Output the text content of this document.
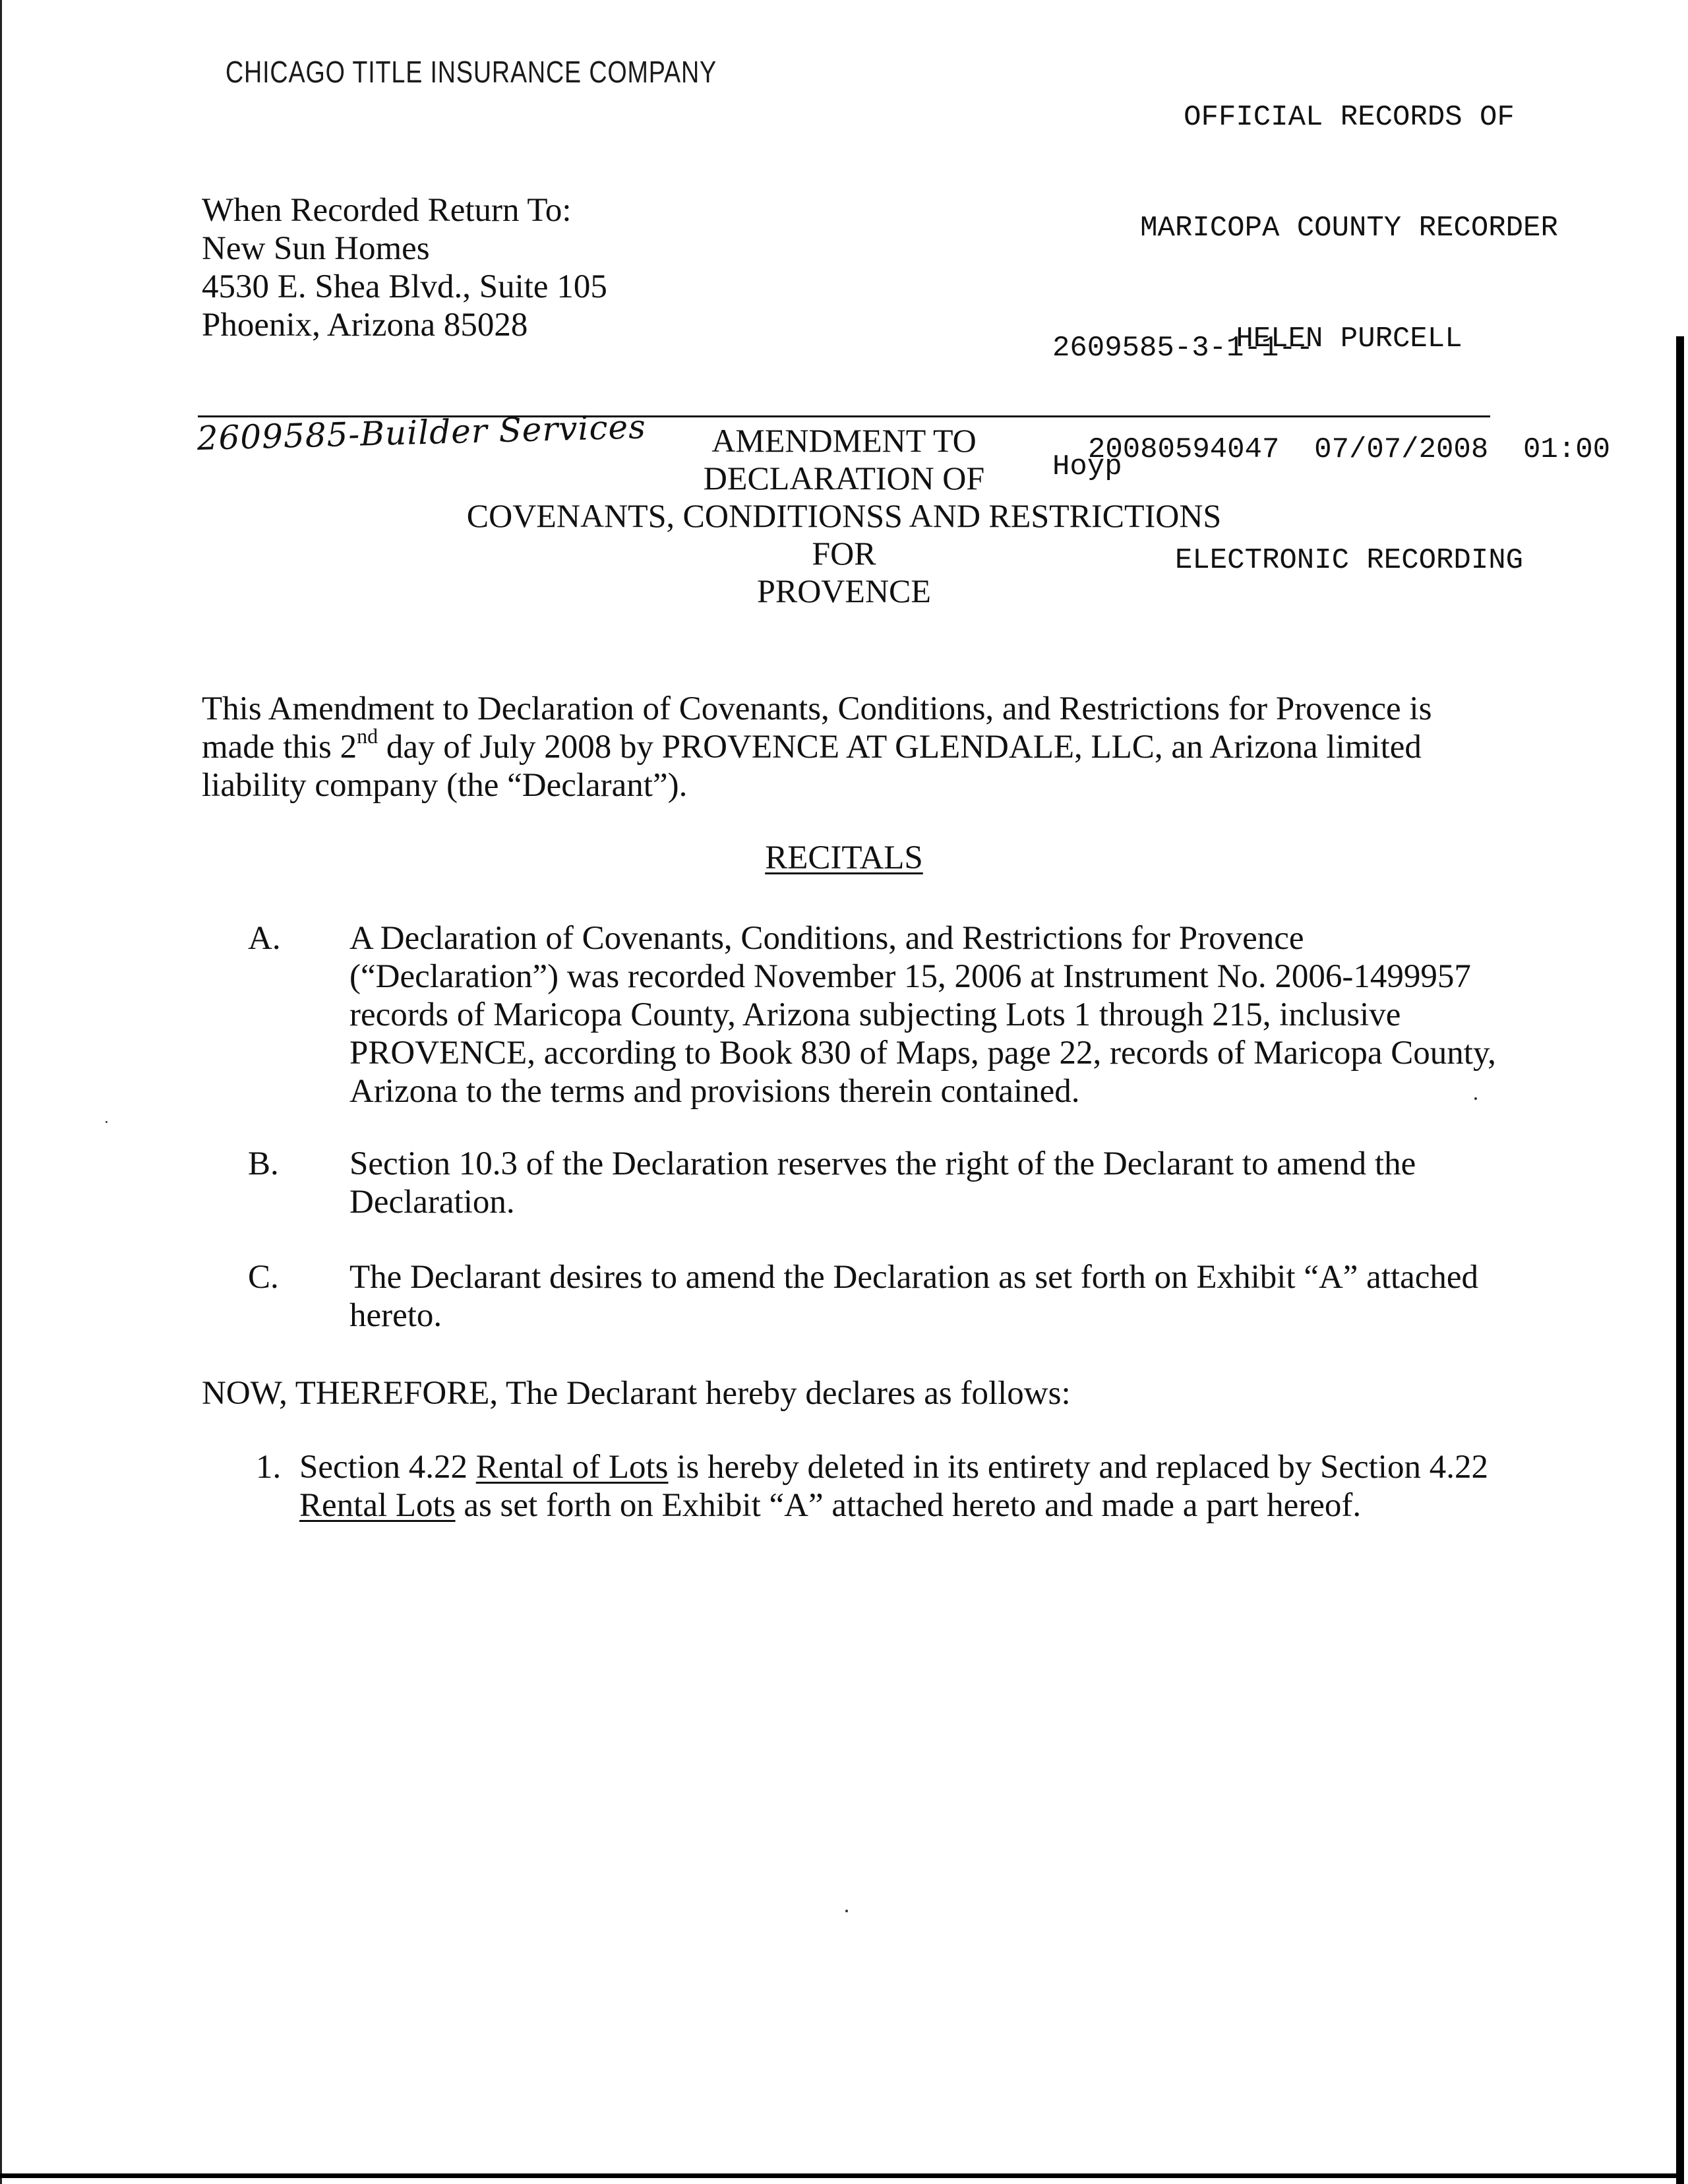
CHICAGO TITLE INSURANCE COMPANY

OFFICIAL RECORDS OF

MARICOPA COUNTY RECORDER

HELEN PURCELL

20080594047  07/07/2008  01:00

ELECTRONIC RECORDING

2609585-3-1-1--

Hoyp

When Recorded Return To:
New Sun Homes
4530 E. Shea Blvd., Suite 105
Phoenix, Arizona 85028
2609585-Builder Services	AMENDMENT TO
DECLARATION OF
COVENANTS, CONDITIONSS AND RESTRICTIONS
FOR
PROVENCE
This Amendment to Declaration of Covenants, Conditions, and Restrictions for Provence is
made this 2nd day of July 2008 by PROVENCE AT GLENDALE, LLC, an Arizona limited
liability company (the “Declarant”).
RECITALS
A. A Declaration of Covenants, Conditions, and Restrictions for Provence
(“Declaration”) was recorded November 15, 2006 at Instrument No. 2006-1499957
records of Maricopa County, Arizona subjecting Lots 1 through 215, inclusive
PROVENCE, according to Book 830 of Maps, page 22, records of Maricopa County,
Arizona to the terms and provisions therein contained.
B. Section 10.3 of the Declaration reserves the right of the Declarant to amend the
Declaration.
C. The Declarant desires to amend the Declaration as set forth on Exhibit “A” attached
hereto.
NOW, THEREFORE, The Declarant hereby declares as follows:
1. Section 4.22 Rental of Lots is hereby deleted in its entirety and replaced by Section 4.22
Rental Lots as set forth on Exhibit “A” attached hereto and made a part hereof.
